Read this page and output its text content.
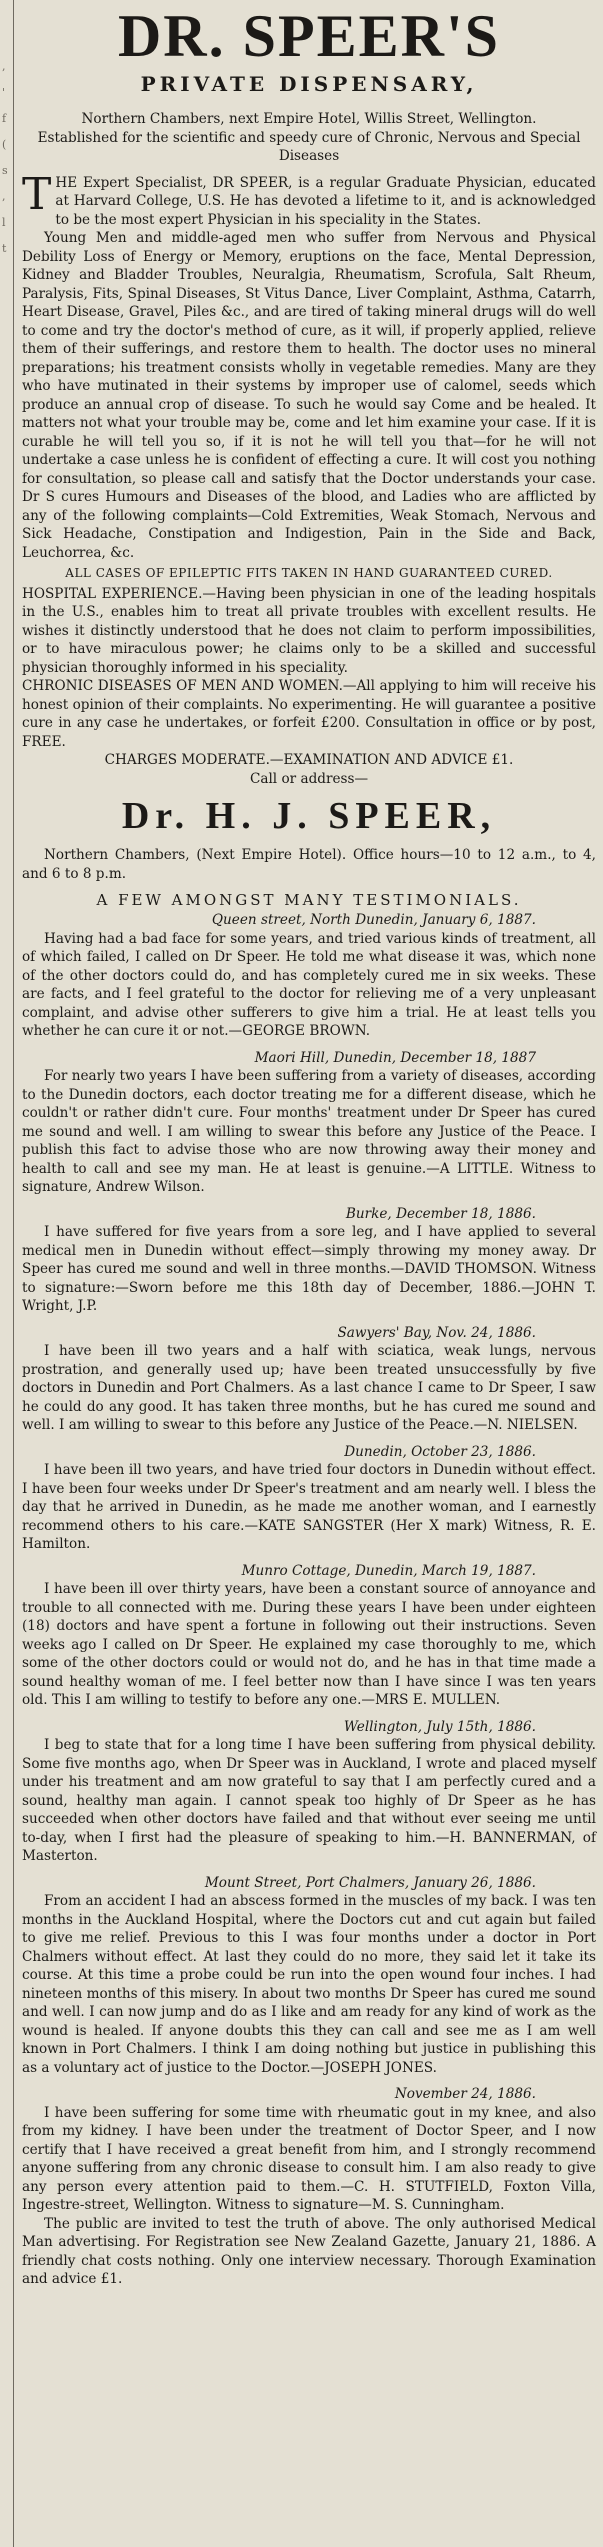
,
'
f
(
s
,
l
t
DR. SPEER'S
PRIVATE DISPENSARY,

Northern Chambers, next Empire Hotel, Willis Street, Wellington.

Established for the scientific and speedy cure of Chronic, Nervous and Special Diseases

THE Expert Specialist, DR SPEER, is a regular Graduate Physician, educated at Harvard College, U.S. He has devoted a lifetime to it, and is acknowledged to be the most expert Physician in his speciality in the States.

Young Men and middle-aged men who suffer from Nervous and Physical Debility Loss of Energy or Memory, eruptions on the face, Mental Depression, Kidney and Bladder Troubles, Neuralgia, Rheumatism, Scrofula, Salt Rheum, Paralysis, Fits, Spinal Diseases, St Vitus Dance, Liver Complaint, Asthma, Catarrh, Heart Disease, Gravel, Piles &c., and are tired of taking mineral drugs will do well to come and try the doctor's method of cure, as it will, if properly applied, relieve them of their sufferings, and restore them to health. The doctor uses no mineral preparations; his treatment consists wholly in vegetable remedies. Many are they who have mutinated in their systems by improper use of calomel, seeds which produce an annual crop of disease. To such he would say Come and be healed. It matters not what your trouble may be, come and let him examine your case. If it is curable he will tell you so, if it is not he will tell you that—for he will not undertake a case unless he is confident of effecting a cure. It will cost you nothing for consultation, so please call and satisfy that the Doctor understands your case. Dr S cures Humours and Diseases of the blood, and Ladies who are afflicted by any of the following complaints—Cold Extremities, Weak Stomach, Nervous and Sick Headache, Constipation and Indigestion, Pain in the Side and Back, Leuchorrea, &c.

ALL CASES OF EPILEPTIC FITS TAKEN IN HAND GUARANTEED CURED.

HOSPITAL EXPERIENCE.—Having been physician in one of the leading hospitals in the U.S., enables him to treat all private troubles with excellent results. He wishes it distinctly understood that he does not claim to perform impossibilities, or to have miraculous power; he claims only to be a skilled and successful physician thoroughly informed in his speciality.

CHRONIC DISEASES OF MEN AND WOMEN.—All applying to him will receive his honest opinion of their complaints. No experimenting. He will guarantee a positive cure in any case he undertakes, or forfeit £200. Consultation in office or by post, FREE.

CHARGES MODERATE.—EXAMINATION AND ADVICE £1.

Call or address—

Dr. H. J. SPEER,

Northern Chambers, (Next Empire Hotel). Office hours—10 to 12 a.m., to 4, and 6 to 8 p.m.

A FEW AMONGST MANY TESTIMONIALS.

Queen street, North Dunedin, January 6, 1887.

Having had a bad face for some years, and tried various kinds of treatment, all of which failed, I called on Dr Speer. He told me what disease it was, which none of the other doctors could do, and has completely cured me in six weeks. These are facts, and I feel grateful to the doctor for relieving me of a very unpleasant complaint, and advise other sufferers to give him a trial. He at least tells you whether he can cure it or not.—GEORGE BROWN.

Maori Hill, Dunedin, December 18, 1887

For nearly two years I have been suffering from a variety of diseases, according to the Dunedin doctors, each doctor treating me for a different disease, which he couldn't or rather didn't cure. Four months' treatment under Dr Speer has cured me sound and well. I am willing to swear this before any Justice of the Peace. I publish this fact to advise those who are now throwing away their money and health to call and see my man. He at least is genuine.—A LITTLE. Witness to signature, Andrew Wilson.

Burke, December 18, 1886.

I have suffered for five years from a sore leg, and I have applied to several medical men in Dunedin without effect—simply throwing my money away. Dr Speer has cured me sound and well in three months.—DAVID THOMSON. Witness to signature:—Sworn before me this 18th day of December, 1886.—JOHN T. Wright, J.P.

Sawyers' Bay, Nov. 24, 1886.

I have been ill two years and a half with sciatica, weak lungs, nervous prostration, and generally used up; have been treated unsuccessfully by five doctors in Dunedin and Port Chalmers. As a last chance I came to Dr Speer, I saw he could do any good. It has taken three months, but he has cured me sound and well. I am willing to swear to this before any Justice of the Peace.—N. NIELSEN.

Dunedin, October 23, 1886.

I have been ill two years, and have tried four doctors in Dunedin without effect. I have been four weeks under Dr Speer's treatment and am nearly well. I bless the day that he arrived in Dunedin, as he made me another woman, and I earnestly recommend others to his care.—KATE SANGSTER (Her X mark) Witness, R. E. Hamilton.

Munro Cottage, Dunedin, March 19, 1887.

I have been ill over thirty years, have been a constant source of annoyance and trouble to all connected with me. During these years I have been under eighteen (18) doctors and have spent a fortune in following out their instructions. Seven weeks ago I called on Dr Speer. He explained my case thoroughly to me, which some of the other doctors could or would not do, and he has in that time made a sound healthy woman of me. I feel better now than I have since I was ten years old. This I am willing to testify to before any one.—MRS E. MULLEN.

Wellington, July 15th, 1886.

I beg to state that for a long time I have been suffering from physical debility. Some five months ago, when Dr Speer was in Auckland, I wrote and placed myself under his treatment and am now grateful to say that I am perfectly cured and a sound, healthy man again. I cannot speak too highly of Dr Speer as he has succeeded when other doctors have failed and that without ever seeing me until to-day, when I first had the pleasure of speaking to him.—H. BANNERMAN, of Masterton.

Mount Street, Port Chalmers, January 26, 1886.

From an accident I had an abscess formed in the muscles of my back. I was ten months in the Auckland Hospital, where the Doctors cut and cut again but failed to give me relief. Previous to this I was four months under a doctor in Port Chalmers without effect. At last they could do no more, they said let it take its course. At this time a probe could be run into the open wound four inches. I had nineteen months of this misery. In about two months Dr Speer has cured me sound and well. I can now jump and do as I like and am ready for any kind of work as the wound is healed. If anyone doubts this they can call and see me as I am well known in Port Chalmers. I think I am doing nothing but justice in publishing this as a voluntary act of justice to the Doctor.—JOSEPH JONES.

November 24, 1886.

I have been suffering for some time with rheumatic gout in my knee, and also from my kidney. I have been under the treatment of Doctor Speer, and I now certify that I have received a great benefit from him, and I strongly recommend anyone suffering from any chronic disease to consult him. I am also ready to give any person every attention paid to them.—C. H. STUTFIELD, Foxton Villa, Ingestre-street, Wellington. Witness to signature—M. S. Cunningham.

The public are invited to test the truth of above. The only authorised Medical Man advertising. For Registration see New Zealand Gazette, January 21, 1886. A friendly chat costs nothing. Only one interview necessary. Thorough Examination and advice £1.
